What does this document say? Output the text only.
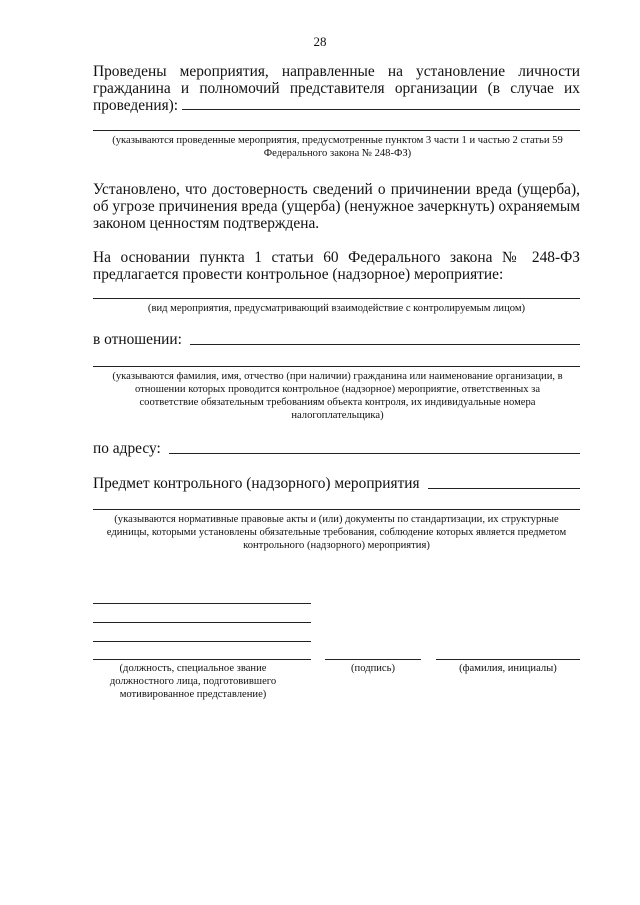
28
Проведены мероприятия, направленные на установление личности гражданина и полномочий представителя организации (в случае их проведения):
(указываются проведенные мероприятия, предусмотренные пунктом 3 части 1 и частью 2 статьи 59 Федерального закона № 248-ФЗ)
Установлено, что достоверность сведений о причинении вреда (ущерба), об угрозе причинения вреда (ущерба) (ненужное зачеркнуть) охраняемым законом ценностям подтверждена.
На основании пункта 1 статьи 60 Федерального закона № 248-ФЗ предлагается провести контрольное (надзорное) мероприятие:
(вид мероприятия, предусматривающий взаимодействие с контролируемым лицом)
в отношении:
(указываются фамилия, имя, отчество (при наличии) гражданина или наименование организации, в отношении которых проводится контрольное (надзорное) мероприятие, ответственных за соответствие обязательным требованиям объекта контроля, их индивидуальные номера налогоплательщика)
по адресу:
Предмет контрольного (надзорного) мероприятия
(указываются нормативные правовые акты и (или) документы по стандартизации, их структурные единицы, которыми установлены обязательные требования, соблюдение которых является предметом контрольного (надзорного) мероприятия)
(должность, специальное звание должностного лица, подготовившего мотивированное представление)
(подпись)	(фамилия, инициалы)
